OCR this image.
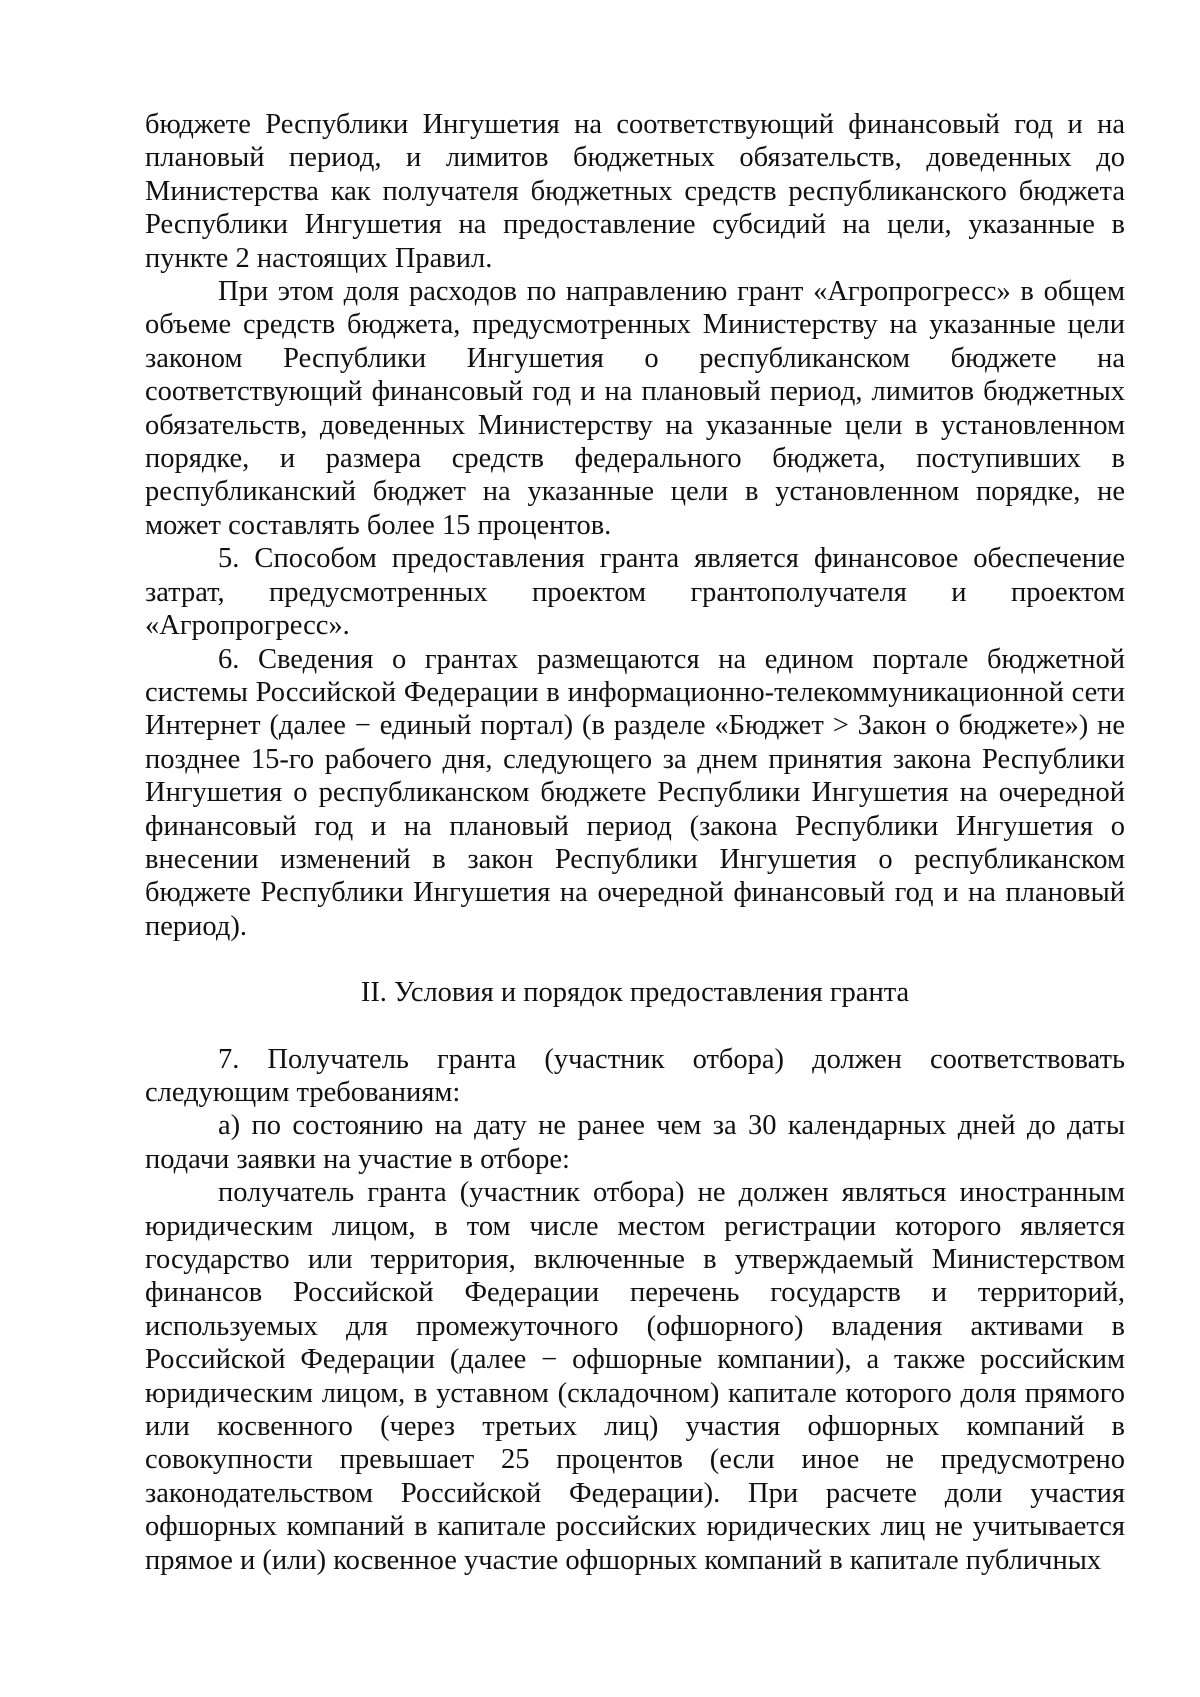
бюджете Республики Ингушетия на соответствующий финансовый год и на плановый период, и лимитов бюджетных обязательств, доведенных до Министерства как получателя бюджетных средств республиканского бюджета Республики Ингушетия на предоставление субсидий на цели, указанные в пункте 2 настоящих Правил.

При этом доля расходов по направлению грант «Агропрогресс» в общем объеме средств бюджета, предусмотренных Министерству на указанные цели законом Республики Ингушетия о республиканском бюджете на соответствующий финансовый год и на плановый период, лимитов бюджетных обязательств, доведенных Министерству на указанные цели в установленном порядке, и размера средств федерального бюджета, поступивших в республиканский бюджет на указанные цели в установленном порядке, не может составлять более 15 процентов.

5. Способом предоставления гранта является финансовое обеспечение затрат, предусмотренных проектом грантополучателя и проектом «Агропрогресс».

6. Сведения о грантах размещаются на едином портале бюджетной системы Российской Федерации в информационно-телекоммуникационной сети Интернет (далее − единый портал) (в разделе «Бюджет > Закон о бюджете») не позднее 15-го рабочего дня, следующего за днем принятия закона Республики Ингушетия о республиканском бюджете Республики Ингушетия на очередной финансовый год и на плановый период (закона Республики Ингушетия о внесении изменений в закон Республики Ингушетия о республиканском бюджете Республики Ингушетия на очередной финансовый год и на плановый период).

II. Условия и порядок предоставления гранта

7. Получатель гранта (участник отбора) должен соответствовать следующим требованиям:

а) по состоянию на дату не ранее чем за 30 календарных дней до даты подачи заявки на участие в отборе:

получатель гранта (участник отбора) не должен являться иностранным юридическим лицом, в том числе местом регистрации которого является государство или территория, включенные в утверждаемый Министерством финансов Российской Федерации перечень государств и территорий, используемых для промежуточного (офшорного) владения активами в Российской Федерации (далее − офшорные компании), а также российским юридическим лицом, в уставном (складочном) капитале которого доля прямого или косвенного (через третьих лиц) участия офшорных компаний в совокупности превышает 25 процентов (если иное не предусмотрено законодательством Российской Федерации). При расчете доли участия офшорных компаний в капитале российских юридических лиц не учитывается прямое и (или) косвенное участие офшорных компаний в капитале публичных
